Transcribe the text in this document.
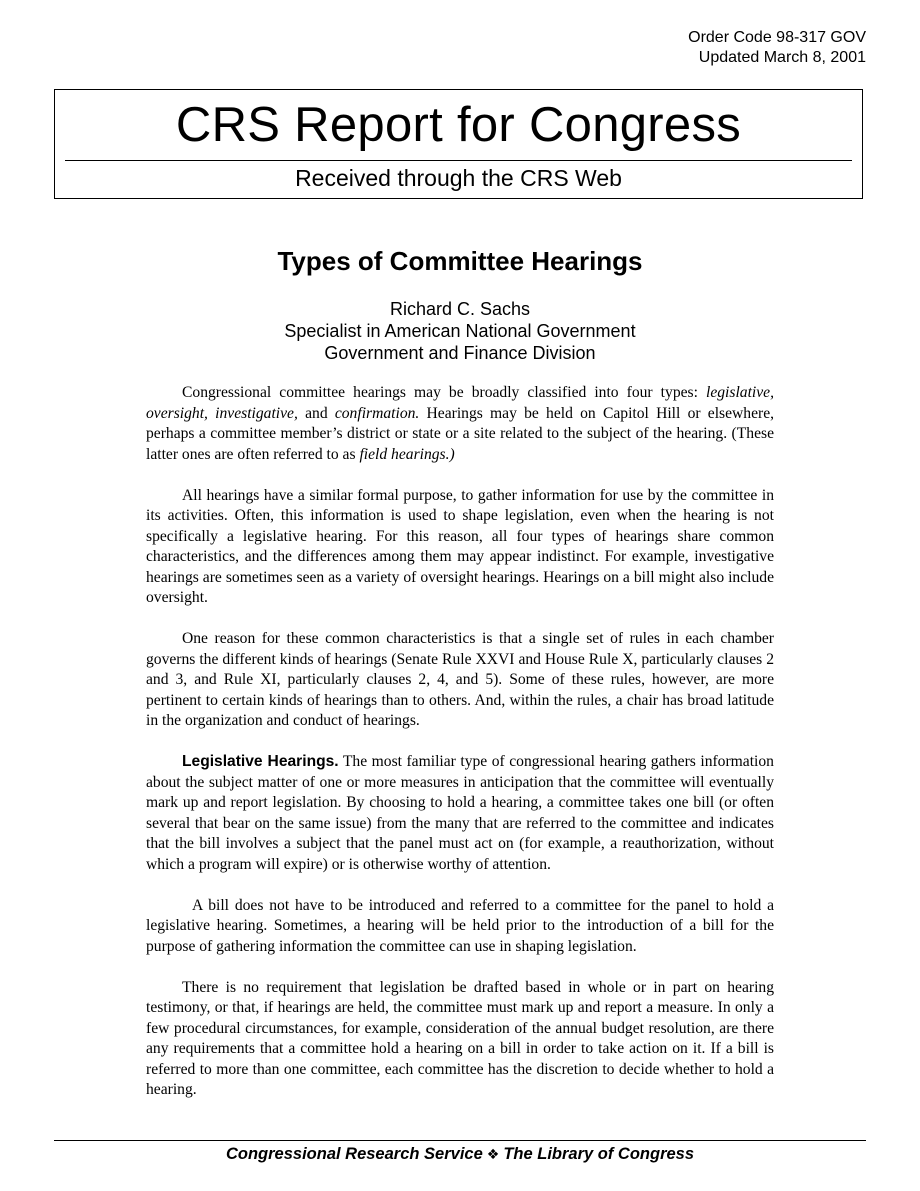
Order Code 98-317 GOV
Updated March 8, 2001
CRS Report for Congress
Received through the CRS Web
Types of Committee Hearings
Richard C. Sachs
Specialist in American National Government
Government and Finance Division

Congressional committee hearings may be broadly classified into four types: legislative, oversight, investigative, and confirmation. Hearings may be held on Capitol Hill or elsewhere, perhaps a committee member’s district or state or a site related to the subject of the hearing. (These latter ones are often referred to as field hearings.)

All hearings have a similar formal purpose, to gather information for use by the committee in its activities. Often, this information is used to shape legislation, even when the hearing is not specifically a legislative hearing. For this reason, all four types of hearings share common characteristics, and the differences among them may appear indistinct. For example, investigative hearings are sometimes seen as a variety of oversight hearings. Hearings on a bill might also include oversight.

One reason for these common characteristics is that a single set of rules in each chamber governs the different kinds of hearings (Senate Rule XXVI and House Rule X, particularly clauses 2 and 3, and Rule XI, particularly clauses 2, 4, and 5). Some of these rules, however, are more pertinent to certain kinds of hearings than to others. And, within the rules, a chair has broad latitude in the organization and conduct of hearings.

Legislative Hearings. The most familiar type of congressional hearing gathers information about the subject matter of one or more measures in anticipation that the committee will eventually mark up and report legislation. By choosing to hold a hearing, a committee takes one bill (or often several that bear on the same issue) from the many that are referred to the committee and indicates that the bill involves a subject that the panel must act on (for example, a reauthorization, without which a program will expire) or is otherwise worthy of attention.

A bill does not have to be introduced and referred to a committee for the panel to hold a legislative hearing. Sometimes, a hearing will be held prior to the introduction of a bill for the purpose of gathering information the committee can use in shaping legislation.

There is no requirement that legislation be drafted based in whole or in part on hearing testimony, or that, if hearings are held, the committee must mark up and report a measure. In only a few procedural circumstances, for example, consideration of the annual budget resolution, are there any requirements that a committee hold a hearing on a bill in order to take action on it. If a bill is referred to more than one committee, each committee has the discretion to decide whether to hold a hearing.

Congressional Research Service ❖ The Library of Congress
